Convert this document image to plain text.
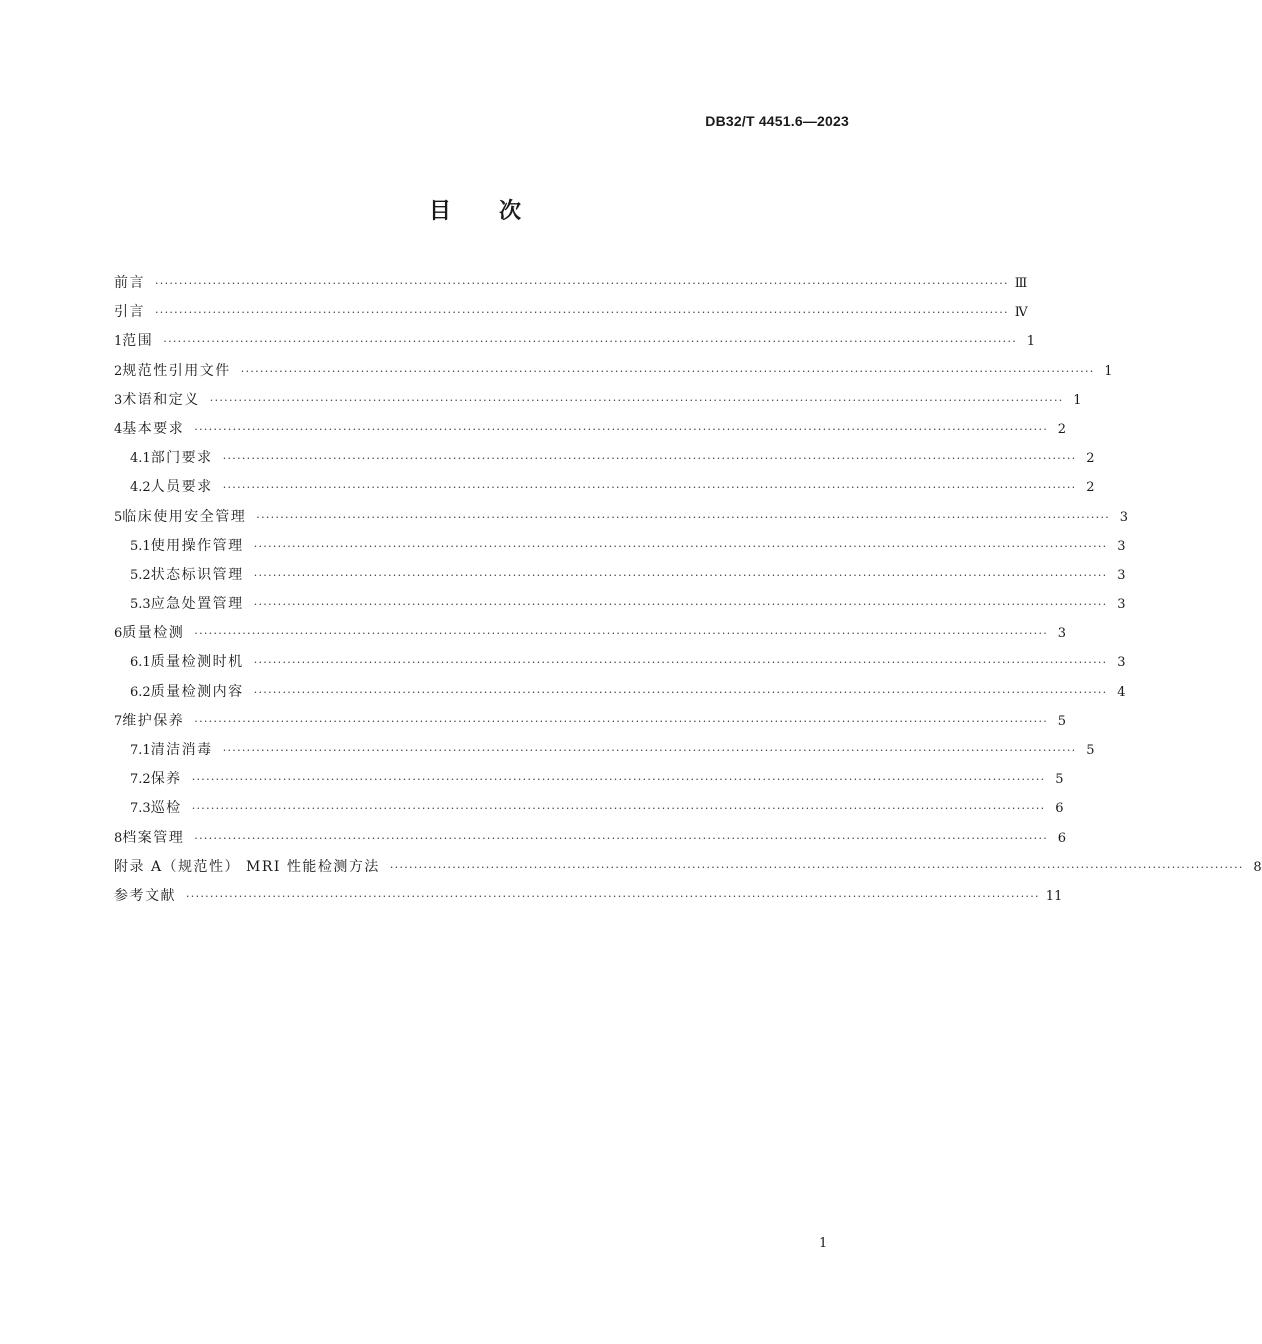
DB32/T 4451.6—2023
目次
前言 ·················································································································································································· Ⅲ
引言 ·················································································································································································· Ⅳ
1 范围 ·················································································································································································· 1
2 规范性引用文件 ·················································································································································································· 1
3 术语和定义 ·················································································································································································· 1
4 基本要求 ·················································································································································································· 2
4.1 部门要求 ·················································································································································································· 2
4.2 人员要求 ·················································································································································································· 2
5 临床使用安全管理 ·················································································································································································· 3
5.1 使用操作管理 ·················································································································································································· 3
5.2 状态标识管理 ·················································································································································································· 3
5.3 应急处置管理 ·················································································································································································· 3
6 质量检测 ·················································································································································································· 3
6.1 质量检测时机 ·················································································································································································· 3
6.2 质量检测内容 ·················································································································································································· 4
7 维护保养 ·················································································································································································· 5
7.1 清洁消毒 ·················································································································································································· 5
7.2 保养 ·················································································································································································· 5
7.3 巡检 ·················································································································································································· 6
8 档案管理 ·················································································································································································· 6
附录 A（规范性） MRI 性能检测方法 ·················································································································································································· 8
参考文献 ·················································································································································································· 11
1
